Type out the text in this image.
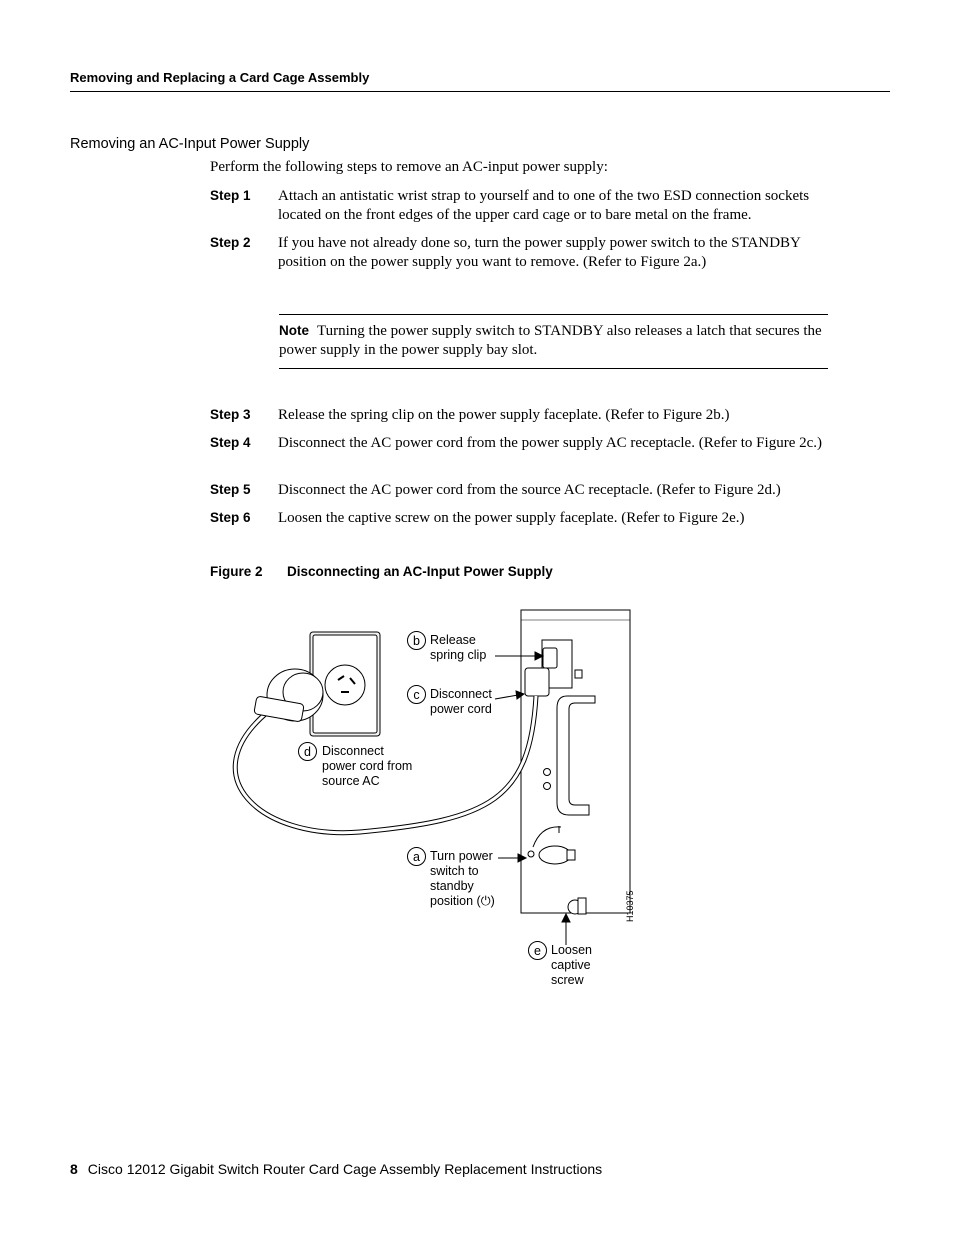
Removing and Replacing a Card Cage Assembly
Removing an AC-Input Power Supply
Perform the following steps to remove an AC-input power supply:
Step 1 Attach an antistatic wrist strap to yourself and to one of the two ESD connection sockets located on the front edges of the upper card cage or to bare metal on the frame.
Step 2 If you have not already done so, turn the power supply power switch to the STANDBY position on the power supply you want to remove. (Refer to Figure 2a.)
Note Turning the power supply switch to STANDBY also releases a latch that secures the power supply in the power supply bay slot.
Step 3 Release the spring clip on the power supply faceplate. (Refer to Figure 2b.)
Step 4 Disconnect the AC power cord from the power supply AC receptacle. (Refer to Figure 2c.)
Step 5 Disconnect the AC power cord from the source AC receptacle. (Refer to Figure 2d.)
Step 6 Loosen the captive screw on the power supply faceplate. (Refer to Figure 2e.)
Figure 2 Disconnecting an AC-Input Power Supply
b Release
spring clip
c Disconnect
power cord
d Disconnect
power cord from
source AC
a Turn power
switch to
standby
position (⏻)
e Loosen
captive
screw
H10375
8 Cisco 12012 Gigabit Switch Router Card Cage Assembly Replacement Instructions
